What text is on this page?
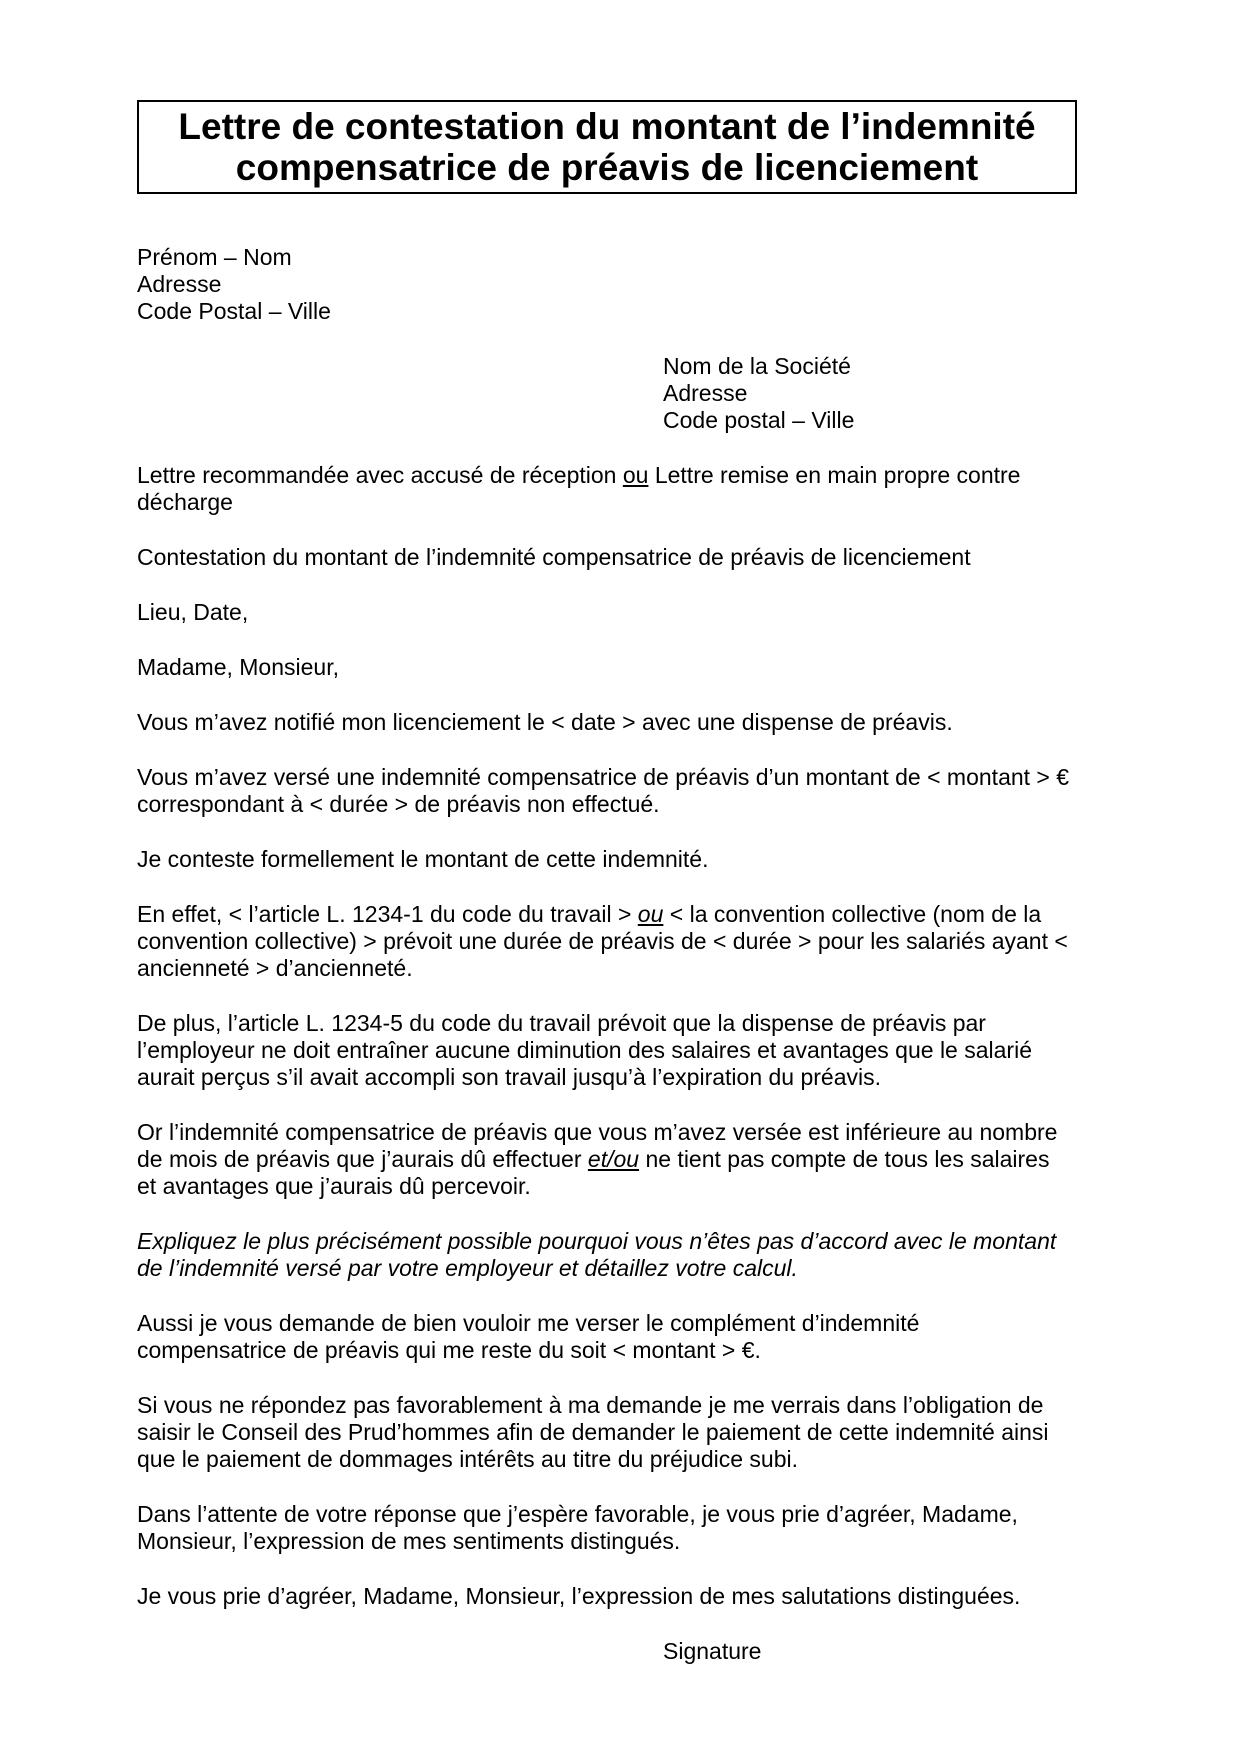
Lettre de contestation du montant de l’indemnité
compensatrice de préavis de licenciement
Prénom – Nom
Adresse
Code Postal – Ville
Nom de la Société
Adresse
Code postal – Ville

Lettre recommandée avec accusé de réception ou Lettre remise en main propre contre décharge

Contestation du montant de l’indemnité compensatrice de préavis de licenciement

Lieu, Date,

Madame, Monsieur,

Vous m’avez notifié mon licenciement le < date > avec une dispense de préavis.

Vous m’avez versé une indemnité compensatrice de préavis d’un montant de < montant > € correspondant à < durée > de préavis non effectué.

Je conteste formellement le montant de cette indemnité.

En effet, < l’article L. 1234-1 du code du travail > ou < la convention collective (nom de la convention collective) > prévoit une durée de préavis de < durée > pour les salariés ayant < ancienneté > d’ancienneté.

De plus, l’article L. 1234-5 du code du travail prévoit que la dispense de préavis par l’employeur ne doit entraîner aucune diminution des salaires et avantages que le salarié aurait perçus s’il avait accompli son travail jusqu’à l’expiration du préavis.

Or l’indemnité compensatrice de préavis que vous m’avez versée est inférieure au nombre de mois de préavis que j’aurais dû effectuer et/ou ne tient pas compte de tous les salaires et avantages que j’aurais dû percevoir.

Expliquez le plus précisément possible pourquoi vous n’êtes pas d’accord avec le montant de l’indemnité versé par votre employeur et détaillez votre calcul.

Aussi je vous demande de bien vouloir me verser le complément d’indemnité compensatrice de préavis qui me reste du soit < montant > €.

Si vous ne répondez pas favorablement à ma demande je me verrais dans l’obligation de saisir le Conseil des Prud’hommes afin de demander le paiement de cette indemnité ainsi que le paiement de dommages intérêts au titre du préjudice subi.

Dans l’attente de votre réponse que j’espère favorable, je vous prie d’agréer, Madame, Monsieur, l’expression de mes sentiments distingués.

Je vous prie d’agréer, Madame, Monsieur, l’expression de mes salutations distinguées.

Signature
